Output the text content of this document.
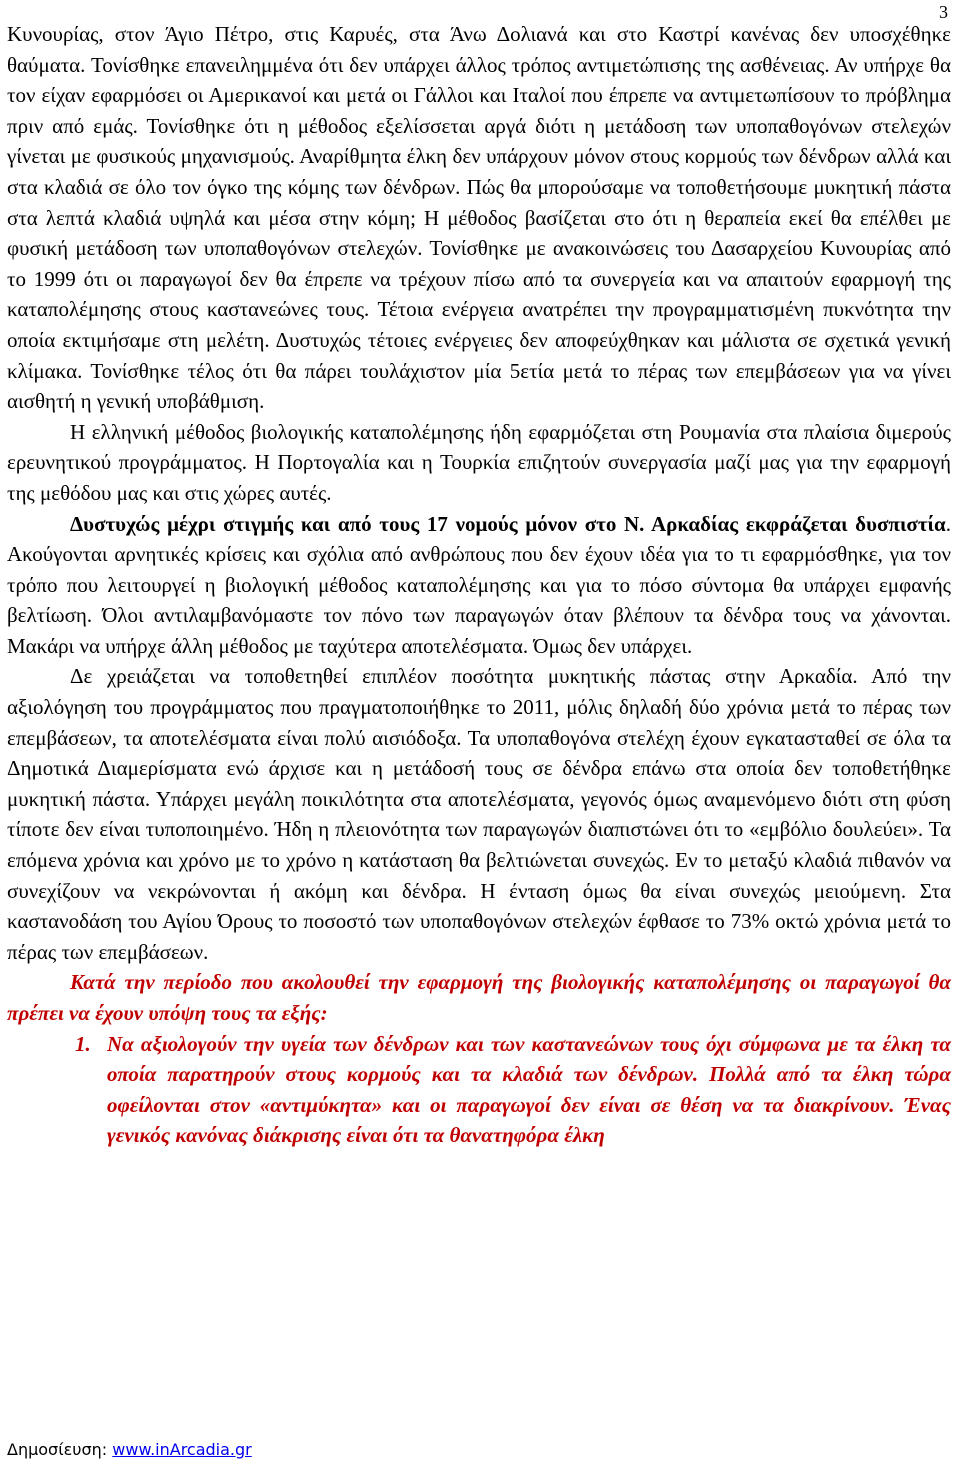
3

Κυνουρίας, στον Άγιο Πέτρο, στις Καρυές, στα Άνω Δολιανά και στο Καστρί κανένας δεν υποσχέθηκε θαύματα. Τονίσθηκε επανειλημμένα ότι δεν υπάρχει άλλος τρόπος αντιμετώπισης της ασθένειας. Αν υπήρχε θα τον είχαν εφαρμόσει οι Αμερικανοί και μετά οι Γάλλοι και Ιταλοί που έπρεπε να αντιμετωπίσουν το πρόβλημα πριν από εμάς. Τονίσθηκε ότι η μέθοδος εξελίσσεται αργά διότι η μετάδοση των υποπαθογόνων στελεχών γίνεται με φυσικούς μηχανισμούς. Αναρίθμητα έλκη δεν υπάρχουν μόνον στους κορμούς των δένδρων αλλά και στα κλαδιά σε όλο τον όγκο της κόμης των δένδρων. Πώς θα μπορούσαμε να τοποθετήσουμε μυκητική πάστα στα λεπτά κλαδιά υψηλά και μέσα στην κόμη; Η μέθοδος βασίζεται στο ότι η θεραπεία εκεί θα επέλθει με φυσική μετάδοση των υποπαθογόνων στελεχών. Τονίσθηκε με ανακοινώσεις του Δασαρχείου Κυνουρίας από το 1999 ότι οι παραγωγοί δεν θα έπρεπε να τρέχουν πίσω από τα συνεργεία και να απαιτούν εφαρμογή της καταπολέμησης στους καστανεώνες τους. Τέτοια ενέργεια ανατρέπει την προγραμματισμένη πυκνότητα την οποία εκτιμήσαμε στη μελέτη. Δυστυχώς τέτοιες ενέργειες δεν αποφεύχθηκαν και μάλιστα σε σχετικά γενική κλίμακα. Τονίσθηκε τέλος ότι θα πάρει τουλάχιστον μία 5ετία μετά το πέρας των επεμβάσεων για να γίνει αισθητή η γενική υποβάθμιση.

Η ελληνική μέθοδος βιολογικής καταπολέμησης ήδη εφαρμόζεται στη Ρουμανία στα πλαίσια διμερούς ερευνητικού προγράμματος. Η Πορτογαλία και η Τουρκία επιζητούν συνεργασία μαζί μας για την εφαρμογή της μεθόδου μας και στις χώρες αυτές.

Δυστυχώς μέχρι στιγμής και από τους 17 νομούς μόνον στο Ν. Αρκαδίας εκφράζεται δυσπιστία. Ακούγονται αρνητικές κρίσεις και σχόλια από ανθρώπους που δεν έχουν ιδέα για το τι εφαρμόσθηκε, για τον τρόπο που λειτουργεί η βιολογική μέθοδος καταπολέμησης και για το πόσο σύντομα θα υπάρχει εμφανής βελτίωση. Όλοι αντιλαμβανόμαστε τον πόνο των παραγωγών όταν βλέπουν τα δένδρα τους να χάνονται. Μακάρι να υπήρχε άλλη μέθοδος με ταχύτερα αποτελέσματα. Όμως δεν υπάρχει.

Δε χρειάζεται να τοποθετηθεί επιπλέον ποσότητα μυκητικής πάστας στην Αρκαδία. Από την αξιολόγηση του προγράμματος που πραγματοποιήθηκε το 2011, μόλις δηλαδή δύο χρόνια μετά το πέρας των επεμβάσεων, τα αποτελέσματα είναι πολύ αισιόδοξα. Τα υποπαθογόνα στελέχη έχουν εγκατασταθεί σε όλα τα Δημοτικά Διαμερίσματα ενώ άρχισε και η μετάδοσή τους σε δένδρα επάνω στα οποία δεν τοποθετήθηκε μυκητική πάστα. Υπάρχει μεγάλη ποικιλότητα στα αποτελέσματα, γεγονός όμως αναμενόμενο διότι στη φύση τίποτε δεν είναι τυποποιημένο. Ήδη η πλειονότητα των παραγωγών διαπιστώνει ότι το «εμβόλιο δουλεύει». Τα επόμενα χρόνια και χρόνο με το χρόνο η κατάσταση θα βελτιώνεται συνεχώς. Εν το μεταξύ κλαδιά πιθανόν να συνεχίζουν να νεκρώνονται ή ακόμη και δένδρα. Η ένταση όμως θα είναι συνεχώς μειούμενη. Στα καστανοδάση του Αγίου Όρους το ποσοστό των υποπαθογόνων στελεχών έφθασε το 73% οκτώ χρόνια μετά το πέρας των επεμβάσεων.

Κατά την περίοδο που ακολουθεί την εφαρμογή της βιολογικής καταπολέμησης οι παραγωγοί θα πρέπει να έχουν υπόψη τους τα εξής:

1. Να αξιολογούν την υγεία των δένδρων και των καστανεώνων τους όχι σύμφωνα με τα έλκη τα οποία παρατηρούν στους κορμούς και τα κλαδιά των δένδρων. Πολλά από τα έλκη τώρα οφείλονται στον «αντιμύκητα» και οι παραγωγοί δεν είναι σε θέση να τα διακρίνουν. Ένας γενικός κανόνας διάκρισης είναι ότι τα θανατηφόρα έλκη
Δημοσίευση: www.inArcadia.gr
